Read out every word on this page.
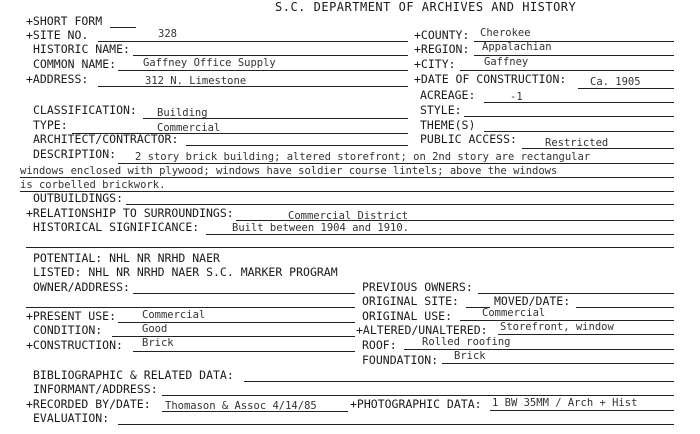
S.C. DEPARTMENT OF ARCHIVES AND HISTORY
+SHORT FORM
+SITE NO.	328	+COUNTY: Cherokee
HISTORIC NAME:	+REGION: Appalachian
COMMON NAME:	Gaffney Office Supply	+CITY:	Gaffney
+ADDRESS:	312 N. Limestone	+DATE OF CONSTRUCTION: Ca. 1905
ACREAGE:	-1
CLASSIFICATION: Building	STYLE:
TYPE:	Commercial	THEME(S)
ARCHITECT/CONTRACTOR:	PUBLIC ACCESS:	Restricted
DESCRIPTION: 2 story brick building; altered storefront; on 2nd story are rectangular
windows enclosed with plywood; windows have soldier course lintels; above the windows
is corbelled brickwork.
OUTBUILDINGS:
+RELATIONSHIP TO SURROUNDINGS:	Commercial District
HISTORICAL SIGNIFICANCE:	Built between 1904 and 1910.
POTENTIAL: NHL NR NRHD NAER
LISTED: NHL NR NRHD NAER S.C. MARKER PROGRAM
OWNER/ADDRESS:	PREVIOUS OWNERS:
ORIGINAL SITE:	MOVED/DATE:
+PRESENT USE: Commercial	ORIGINAL USE:	Commercial
CONDITION:	Good	+ALTERED/UNALTERED: Storefront, window
+CONSTRUCTION: Brick	ROOF: Rolled roofing
FOUNDATION: Brick
BIBLIOGRAPHIC & RELATED DATA:
INFORMANT/ADDRESS:
+RECORDED BY/DATE: Thomason & Assoc 4/14/85	+PHOTOGRAPHIC DATA: 1 BW 35MM / Arch + Hist
EVALUATION:
